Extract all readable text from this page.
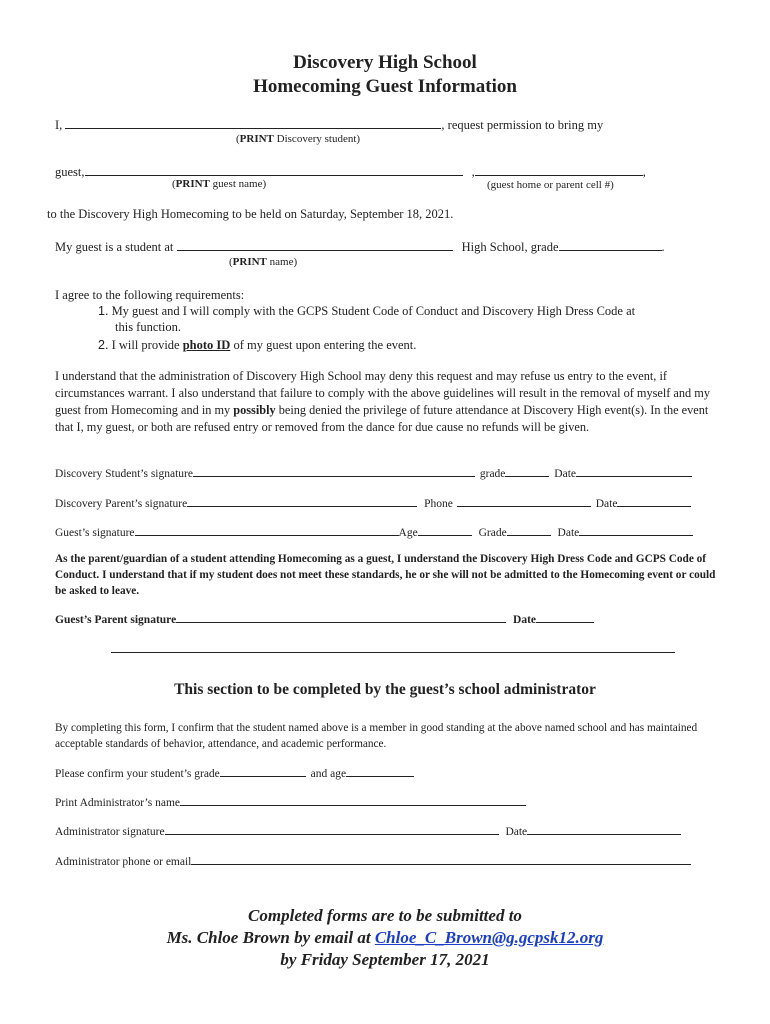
Discovery High School
Homecoming Guest Information
I,	, request permission to bring my
(PRINT Discovery student)
guest,	,	,
(PRINT guest name)	(guest home or parent cell #)
to the Discovery High Homecoming to be held on Saturday, September 18, 2021.
My guest is a student at	High School, grade	.
(PRINT name)
I agree to the following requirements:
1. My guest and I will comply with the GCPS Student Code of Conduct and Discovery High Dress Code at
this function.
2. I will provide photo ID of my guest upon entering the event.
I understand that the administration of Discovery High School may deny this request and may refuse us entry to the event, if circumstances warrant. I also understand that failure to comply with the above guidelines will result in the removal of myself and my guest from Homecoming and in my possibly being denied the privilege of future attendance at Discovery High event(s). In the event that I, my guest, or both are refused entry or removed from the dance for due cause no refunds will be given.
Discovery Student’s signature	grade	Date
Discovery Parent’s signature	Phone	Date
Guest’s signature	Age	Grade	Date
As the parent/guardian of a student attending Homecoming as a guest, I understand the Discovery High Dress Code and GCPS Code of Conduct. I understand that if my student does not meet these standards, he or she will not be admitted to the Homecoming event or could be asked to leave.
Guest’s Parent signature	Date
This section to be completed by the guest’s school administrator
By completing this form, I confirm that the student named above is a member in good standing at the above named school and has maintained acceptable standards of behavior, attendance, and academic performance.
Please confirm your student’s grade	and age
Print Administrator’s name
Administrator signature	Date
Administrator phone or email
Completed forms are to be submitted to
Ms. Chloe Brown by email at Chloe_C_Brown@g.gcpsk12.org
by Friday September 17, 2021
